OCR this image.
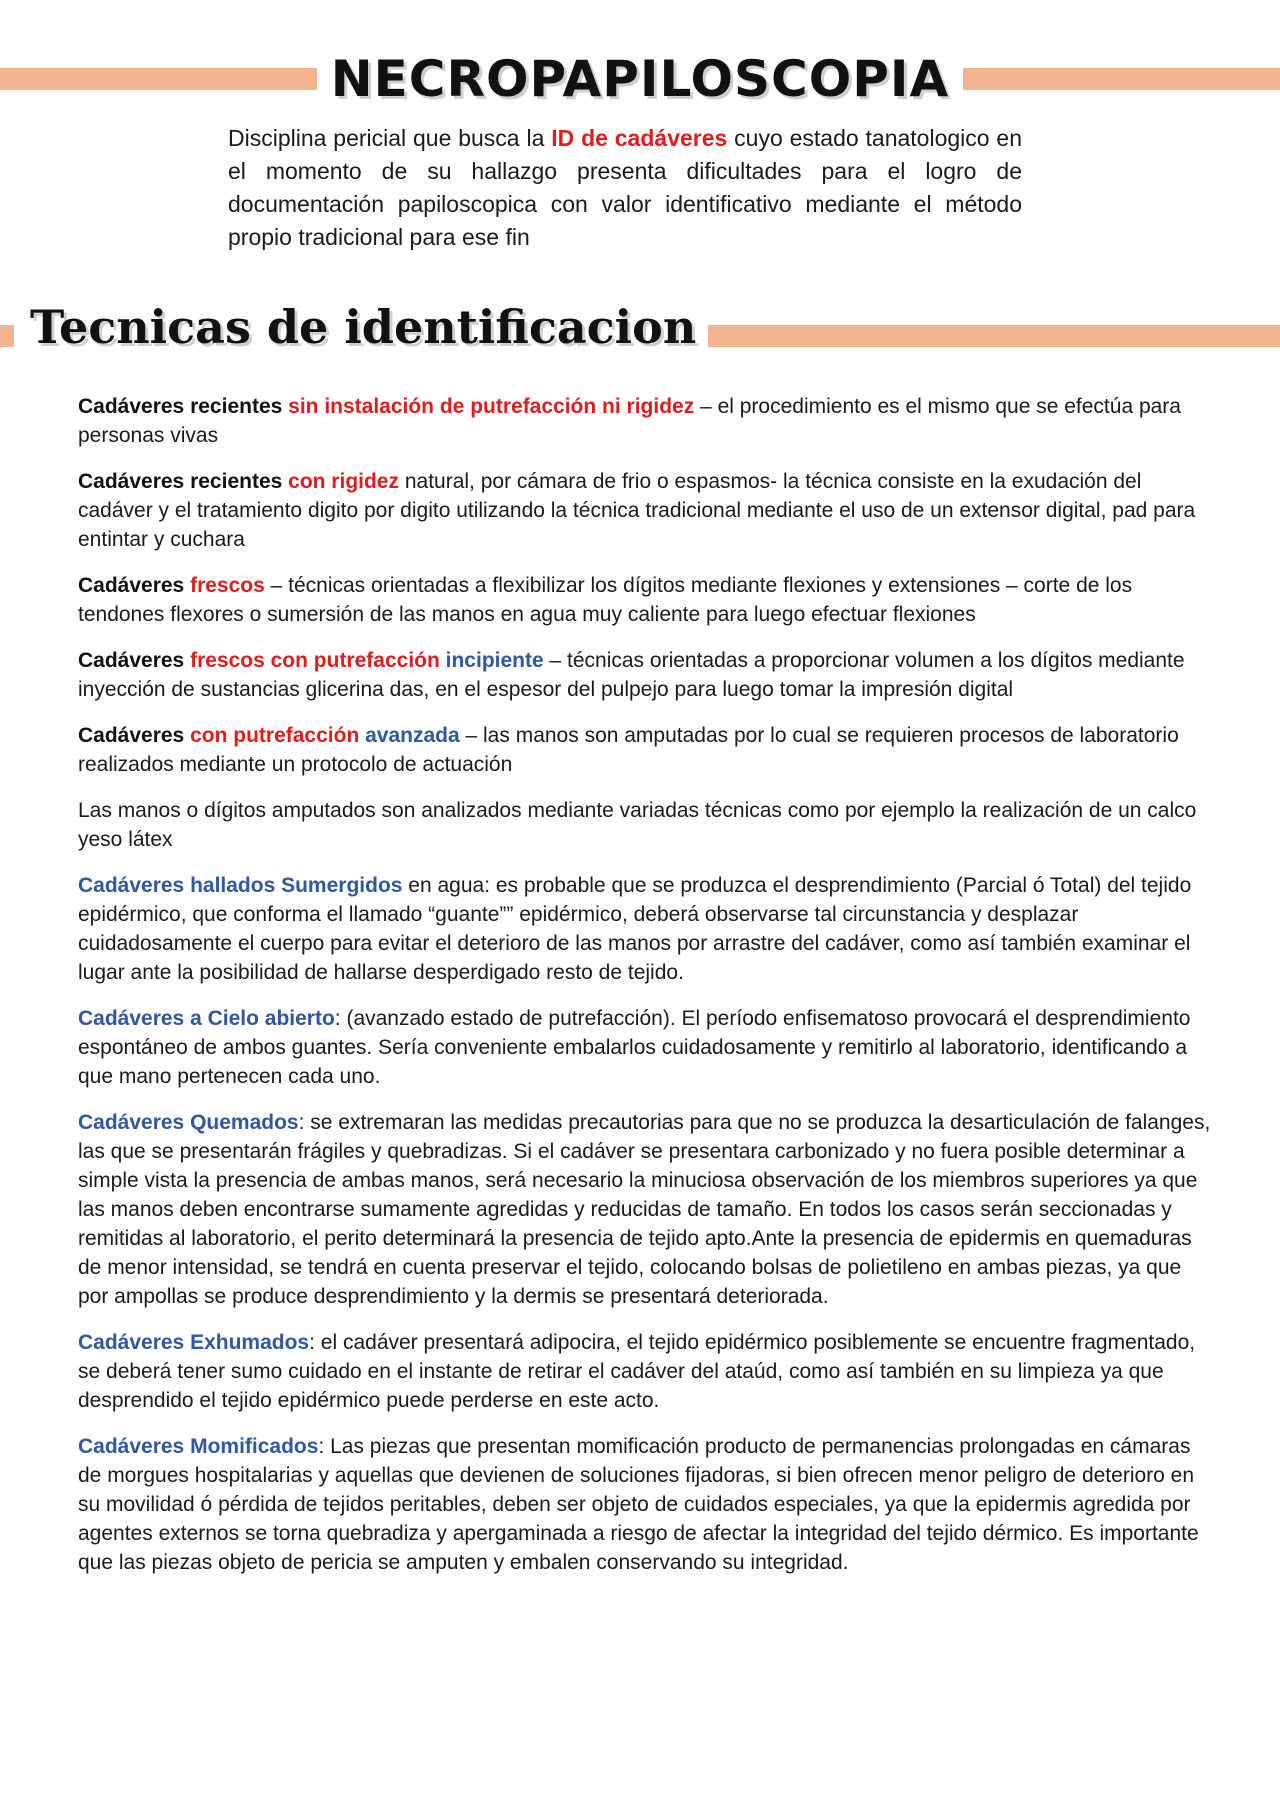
NECROPAPILOSCOPIA
Disciplina pericial que busca la ID de cadáveres cuyo estado tanatologico en el momento de su hallazgo presenta dificultades para el logro de documentación papiloscopica con valor identificativo mediante el método propio tradicional para ese fin
Tecnicas de identificacion

Cadáveres recientes sin instalación de putrefacción ni rigidez – el procedimiento es el mismo que se efectúa para personas vivas

Cadáveres recientes con rigidez natural, por cámara de frio o espasmos- la técnica consiste en la exudación del cadáver y el tratamiento digito por digito utilizando la técnica tradicional mediante el uso de un extensor digital, pad para entintar y cuchara

Cadáveres frescos – técnicas orientadas a flexibilizar los dígitos mediante flexiones y extensiones – corte de los tendones flexores o sumersión de las manos en agua muy caliente para luego efectuar flexiones

Cadáveres frescos con putrefacción incipiente – técnicas orientadas a proporcionar volumen a los dígitos mediante inyección de sustancias glicerina das, en el espesor del pulpejo para luego tomar la impresión digital

Cadáveres con putrefacción avanzada – las manos son amputadas por lo cual se requieren procesos de laboratorio realizados mediante un protocolo de actuación

Las manos o dígitos amputados son analizados mediante variadas técnicas como por ejemplo la realización de un calco yeso látex

Cadáveres hallados Sumergidos en agua: es probable que se produzca el desprendimiento (Parcial ó Total) del tejido epidérmico, que conforma el llamado “guante”” epidérmico, deberá observarse tal circunstancia y desplazar cuidadosamente el cuerpo para evitar el deterioro de las manos por arrastre del cadáver, como así también examinar el lugar ante la posibilidad de hallarse desperdigado resto de tejido.

Cadáveres a Cielo abierto: (avanzado estado de putrefacción). El período enfisematoso provocará el desprendimiento espontáneo de ambos guantes. Sería conveniente embalarlos cuidadosamente y remitirlo al laboratorio, identificando a que mano pertenecen cada uno.

Cadáveres Quemados: se extremaran las medidas precautorias para que no se produzca la desarticulación de falanges, las que se presentarán frágiles y quebradizas. Si el cadáver se presentara carbonizado y no fuera posible determinar a simple vista la presencia de ambas manos, será necesario la minuciosa observación de los miembros superiores ya que las manos deben encontrarse sumamente agredidas y reducidas de tamaño. En todos los casos serán seccionadas y remitidas al laboratorio, el perito determinará la presencia de tejido apto.Ante la presencia de epidermis en quemaduras de menor intensidad, se tendrá en cuenta preservar el tejido, colocando bolsas de polietileno en ambas piezas, ya que por ampollas se produce desprendimiento y la dermis se presentará deteriorada.

Cadáveres Exhumados: el cadáver presentará adipocira, el tejido epidérmico posiblemente se encuentre fragmentado, se deberá tener sumo cuidado en el instante de retirar el cadáver del ataúd, como así también en su limpieza ya que desprendido el tejido epidérmico puede perderse en este acto.

Cadáveres Momificados: Las piezas que presentan momificación producto de permanencias prolongadas en cámaras de morgues hospitalarias y aquellas que devienen de soluciones fijadoras, si bien ofrecen menor peligro de deterioro en su movilidad ó pérdida de tejidos peritables, deben ser objeto de cuidados especiales, ya que la epidermis agredida por agentes externos se torna quebradiza y apergaminada a riesgo de afectar la integridad del tejido dérmico. Es importante que las piezas objeto de pericia se amputen y embalen conservando su integridad.
